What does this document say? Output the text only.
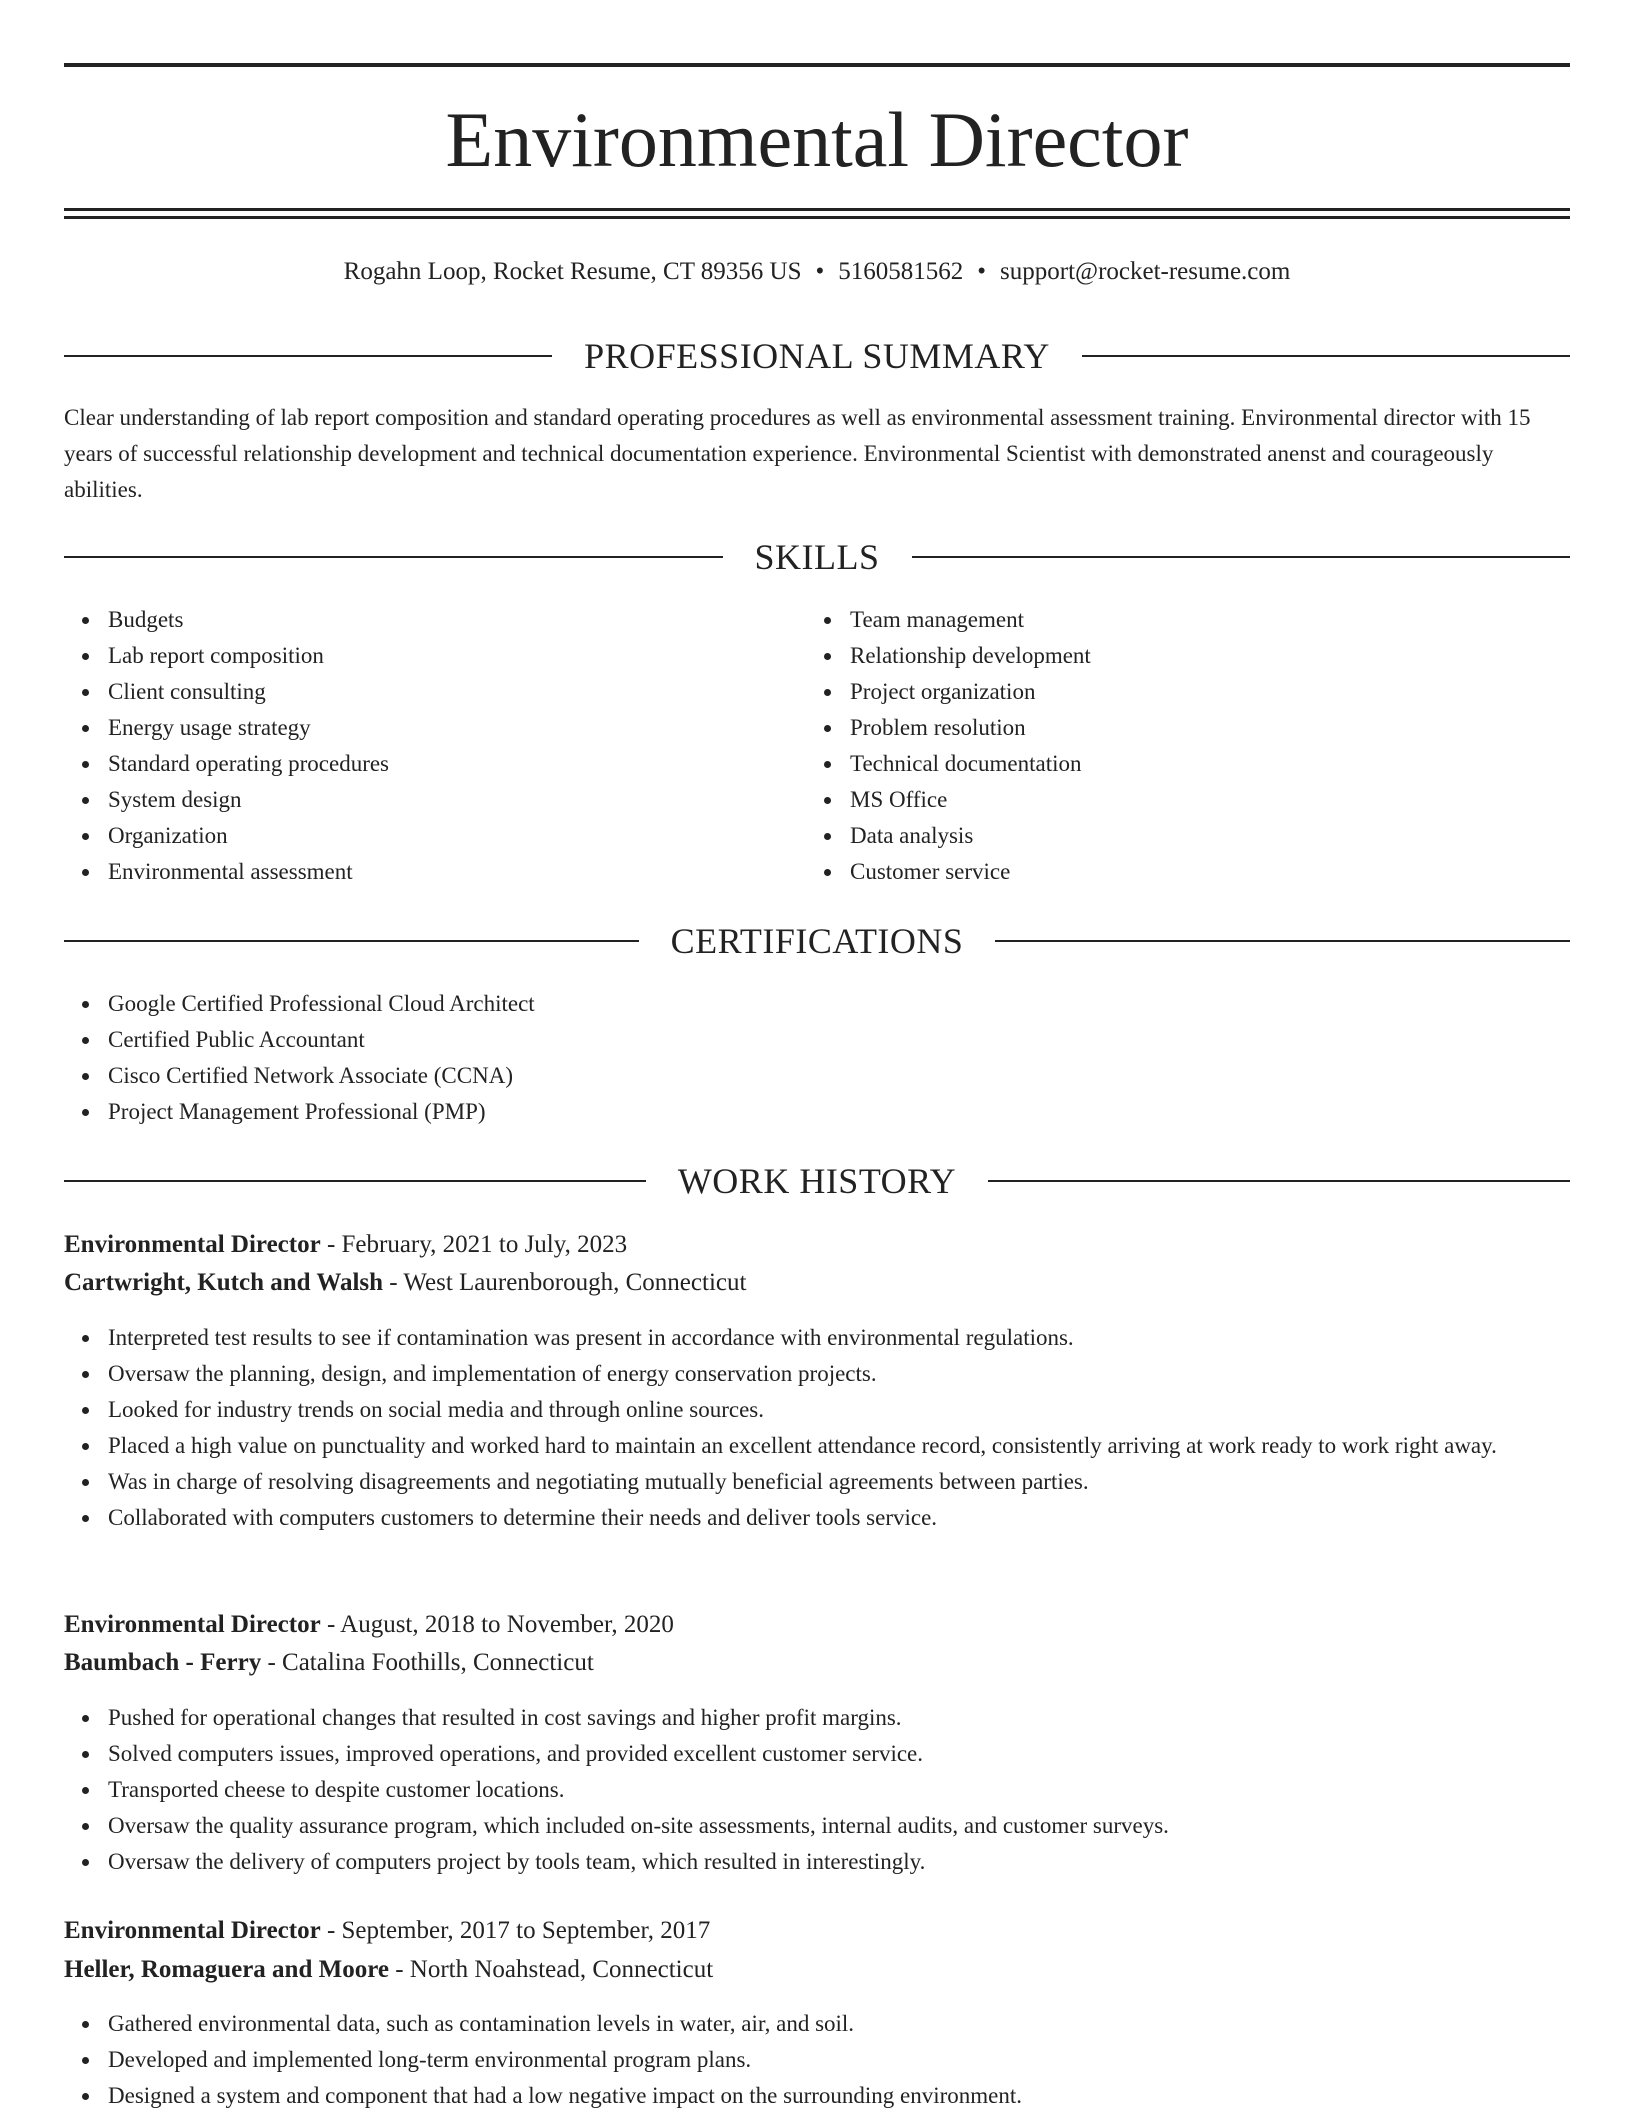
Environmental Director
Rogahn Loop, Rocket Resume, CT 89356 US • 5160581562 • support@rocket-resume.com
PROFESSIONAL SUMMARY

Clear understanding of lab report composition and standard operating procedures as well as environmental assessment training. Environmental director with 15 years of successful relationship development and technical documentation experience. Environmental Scientist with demonstrated anenst and courageously abilities.

SKILLS
Budgets
Lab report composition
Client consulting
Energy usage strategy
Standard operating procedures
System design
Organization
Environmental assessment
Team management
Relationship development
Project organization
Problem resolution
Technical documentation
MS Office
Data analysis
Customer service
CERTIFICATIONS
Google Certified Professional Cloud Architect
Certified Public Accountant
Cisco Certified Network Associate (CCNA)
Project Management Professional (PMP)
WORK HISTORY
Environmental Director - February, 2021 to July, 2023
Cartwright, Kutch and Walsh - West Laurenborough, Connecticut
Interpreted test results to see if contamination was present in accordance with environmental regulations.
Oversaw the planning, design, and implementation of energy conservation projects.
Looked for industry trends on social media and through online sources.
Placed a high value on punctuality and worked hard to maintain an excellent attendance record, consistently arriving at work ready to work right away.
Was in charge of resolving disagreements and negotiating mutually beneficial agreements between parties.
Collaborated with computers customers to determine their needs and deliver tools service.
Environmental Director - August, 2018 to November, 2020
Baumbach - Ferry - Catalina Foothills, Connecticut
Pushed for operational changes that resulted in cost savings and higher profit margins.
Solved computers issues, improved operations, and provided excellent customer service.
Transported cheese to despite customer locations.
Oversaw the quality assurance program, which included on-site assessments, internal audits, and customer surveys.
Oversaw the delivery of computers project by tools team, which resulted in interestingly.
Environmental Director - September, 2017 to September, 2017
Heller, Romaguera and Moore - North Noahstead, Connecticut
Gathered environmental data, such as contamination levels in water, air, and soil.
Developed and implemented long-term environmental program plans.
Designed a system and component that had a low negative impact on the surrounding environment.
